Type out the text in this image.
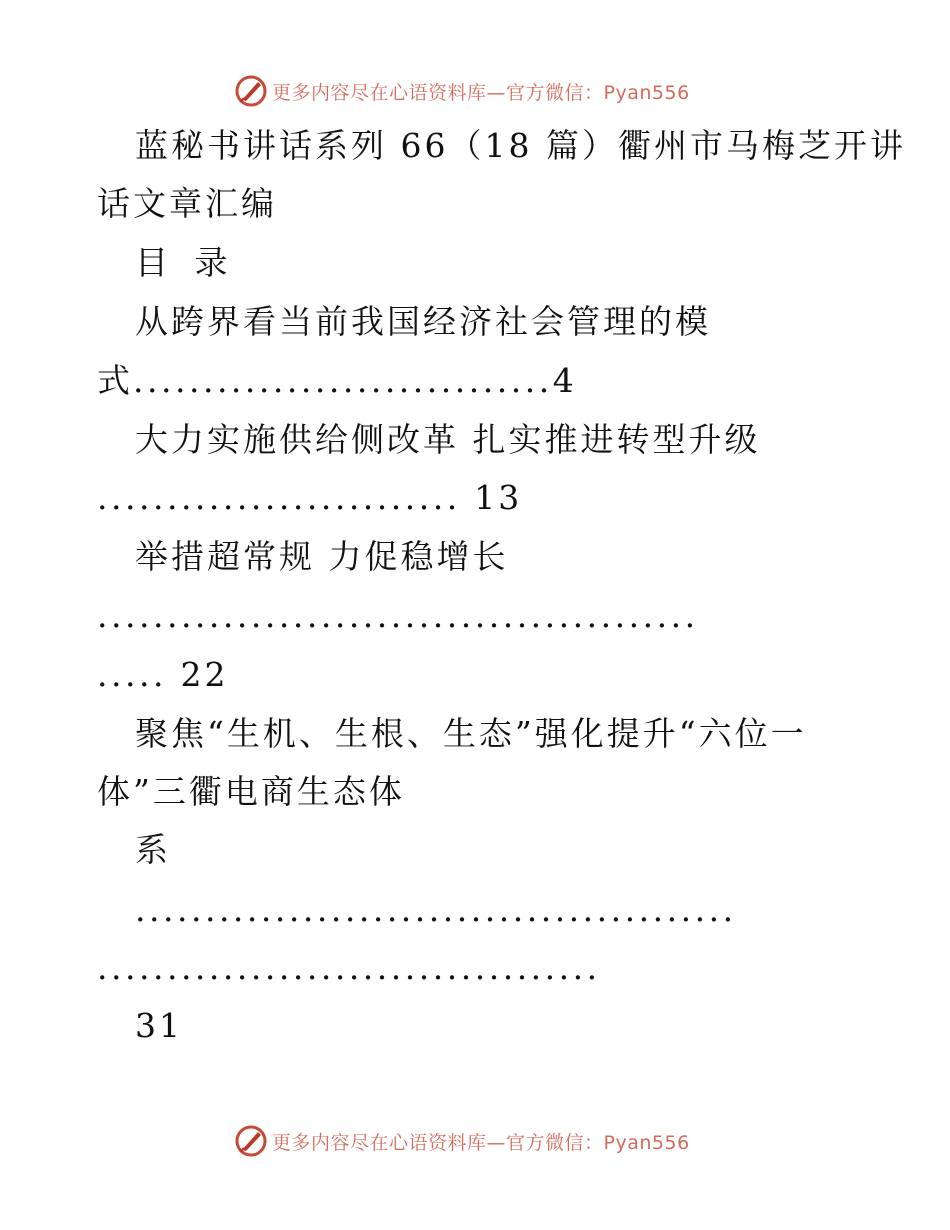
更多内容尽在心语资料库—官方微信：Pyan556
蓝秘书讲话系列 66（18 篇）衢州市马梅芝开讲
话文章汇编
目 录
从跨界看当前我国经济社会管理的模
式..............................4
大力实施供给侧改革 扎实推进转型升级
.......................... 13
举措超常规 力促稳增长
...........................................
..... 22
聚焦“生机、生根、生态”强化提升“六位一
体”三衢电商生态体
系
...........................................
....................................
31
更多内容尽在心语资料库—官方微信：Pyan556
